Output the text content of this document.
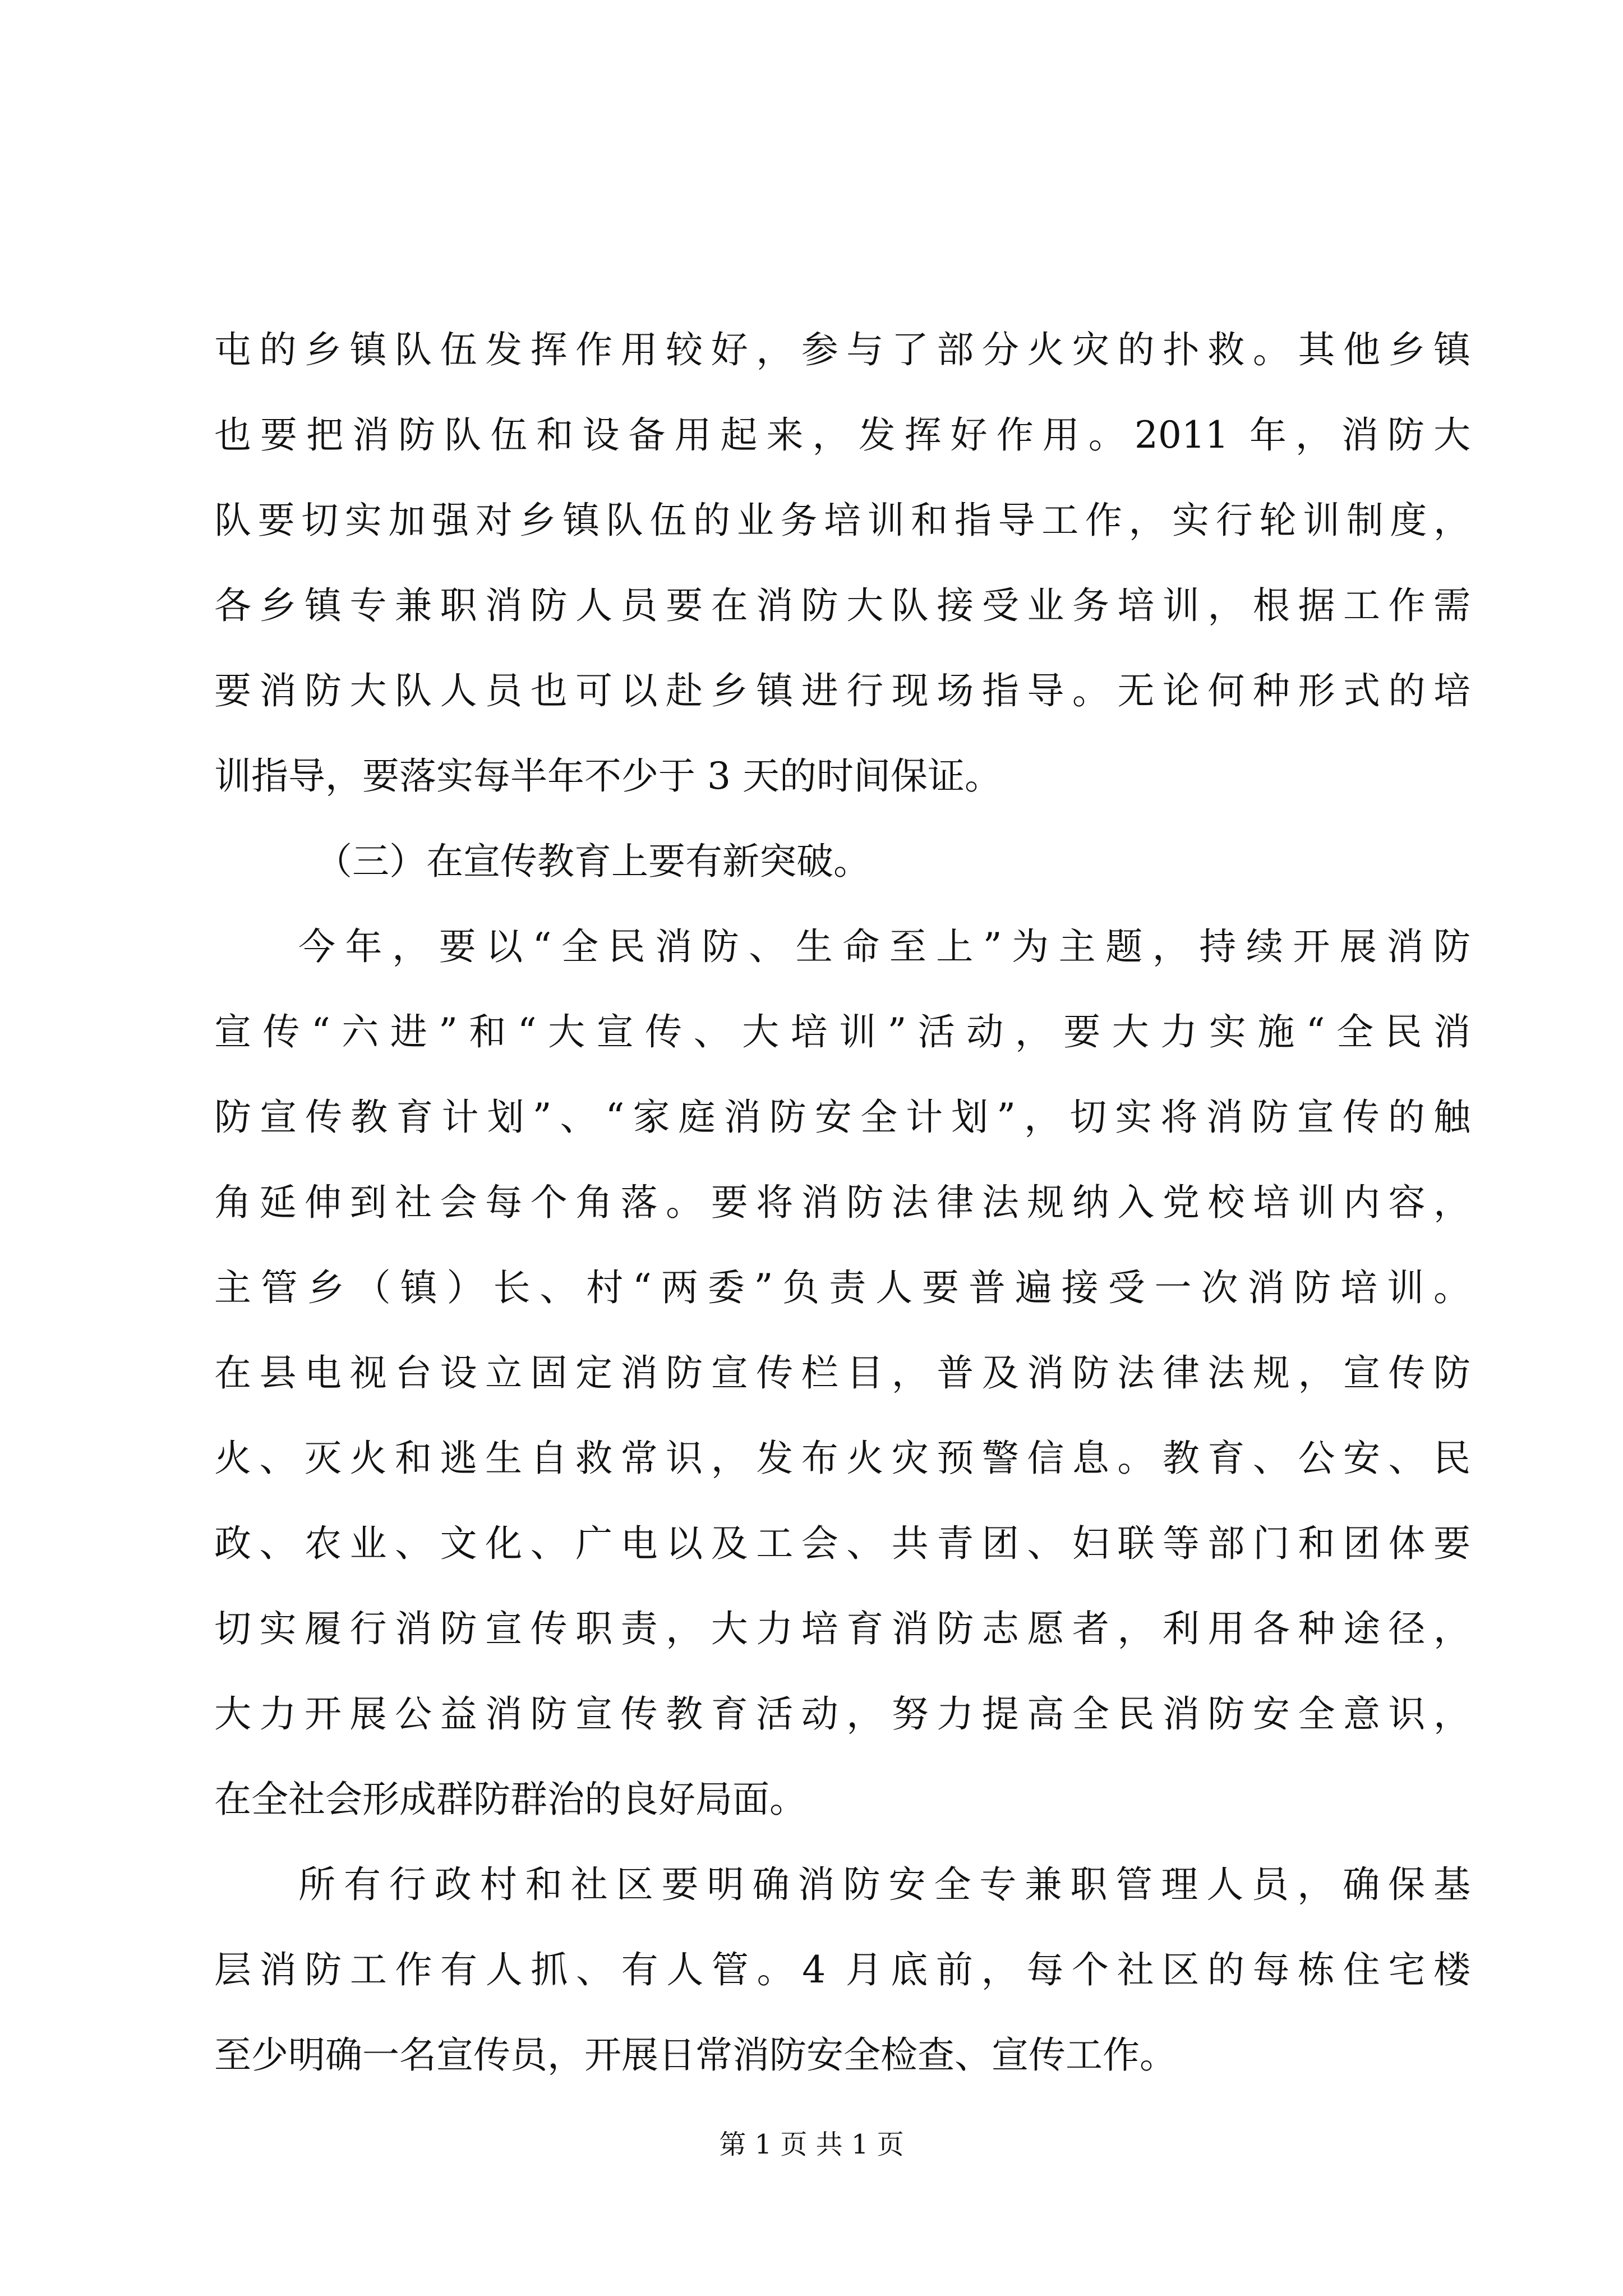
屯的乡镇队伍发挥作用较好，参与了部分火灾的扑救。其他乡镇
也要把消防队伍和设备用起来，发挥好作用。2011 年，消防大
队要切实加强对乡镇队伍的业务培训和指导工作，实行轮训制度，
各乡镇专兼职消防人员要在消防大队接受业务培训，根据工作需
要消防大队人员也可以赴乡镇进行现场指导。无论何种形式的培
训指导，要落实每半年不少于 3 天的时间保证。
（三）在宣传教育上要有新突破。
今年，要以“全民消防、生命至上”为主题，持续开展消防
宣传“六进”和“大宣传、大培训”活动，要大力实施“全民消
防宣传教育计划”、“家庭消防安全计划”，切实将消防宣传的触
角延伸到社会每个角落。要将消防法律法规纳入党校培训内容，
主管乡（镇）长、村“两委”负责人要普遍接受一次消防培训。
在县电视台设立固定消防宣传栏目，普及消防法律法规，宣传防
火、灭火和逃生自救常识，发布火灾预警信息。教育、公安、民
政、农业、文化、广电以及工会、共青团、妇联等部门和团体要
切实履行消防宣传职责，大力培育消防志愿者，利用各种途径，
大力开展公益消防宣传教育活动，努力提高全民消防安全意识，
在全社会形成群防群治的良好局面。
所有行政村和社区要明确消防安全专兼职管理人员，确保基
层消防工作有人抓、有人管。4 月底前，每个社区的每栋住宅楼
至少明确一名宣传员，开展日常消防安全检查、宣传工作。
第 1 页 共 1 页
